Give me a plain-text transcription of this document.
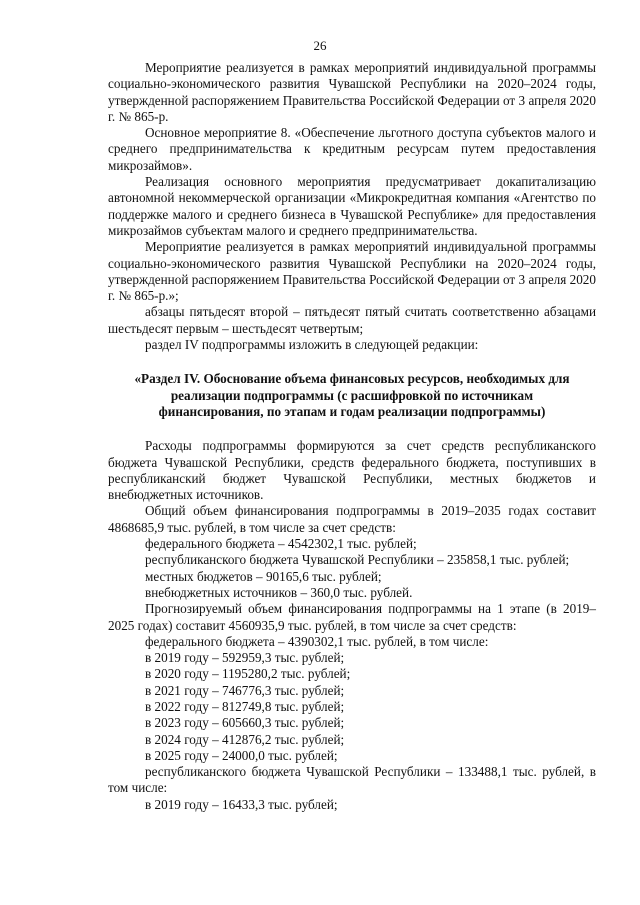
26

Мероприятие реализуется в рамках мероприятий индивидуальной программы социально-экономического развития Чувашской Республики на 2020–2024 годы, утвержденной распоряжением Правительства Российской Федерации от 3 апреля 2020 г. № 865-р.

Основное мероприятие 8. «Обеспечение льготного доступа субъектов малого и среднего предпринимательства к кредитным ресурсам путем предоставления микрозаймов».

Реализация основного мероприятия предусматривает докапитализацию автономной некоммерческой организации «Микрокредитная компания «Агентство по поддержке малого и среднего бизнеса в Чувашской Республике» для предоставления микрозаймов субъектам малого и среднего предпринимательства.

Мероприятие реализуется в рамках мероприятий индивидуальной программы социально-экономического развития Чувашской Республики на 2020–2024 годы, утвержденной распоряжением Правительства Российской Федерации от 3 апреля 2020 г. № 865-р.»;

абзацы пятьдесят второй – пятьдесят пятый считать соответственно абзацами шестьдесят первым – шестьдесят четвертым;

раздел IV подпрограммы изложить в следующей редакции:

«Раздел IV. Обоснование объема финансовых ресурсов, необходимых для реализации подпрограммы (с расшифровкой по источникам финансирования, по этапам и годам реализации подпрограммы)

Расходы подпрограммы формируются за счет средств республиканского бюджета Чувашской Республики, средств федерального бюджета, поступивших в республиканский бюджет Чувашской Республики, местных бюджетов и внебюджетных источников.

Общий объем финансирования подпрограммы в 2019–2035 годах составит 4868685,9 тыс. рублей, в том числе за счет средств:

федерального бюджета – 4542302,1 тыс. рублей;

республиканского бюджета Чувашской Республики – 235858,1 тыс. рублей;

местных бюджетов – 90165,6 тыс. рублей;

внебюджетных источников – 360,0 тыс. рублей.

Прогнозируемый объем финансирования подпрограммы на 1 этапе (в 2019–2025 годах) составит 4560935,9 тыс. рублей, в том числе за счет средств:

федерального бюджета – 4390302,1 тыс. рублей, в том числе:

в 2019 году – 592959,3 тыс. рублей;

в 2020 году – 1195280,2 тыс. рублей;

в 2021 году – 746776,3 тыс. рублей;

в 2022 году – 812749,8 тыс. рублей;

в 2023 году – 605660,3 тыс. рублей;

в 2024 году – 412876,2 тыс. рублей;

в 2025 году – 24000,0 тыс. рублей;

республиканского бюджета Чувашской Республики – 133488,1 тыс. рублей, в том числе:

в 2019 году – 16433,3 тыс. рублей;
